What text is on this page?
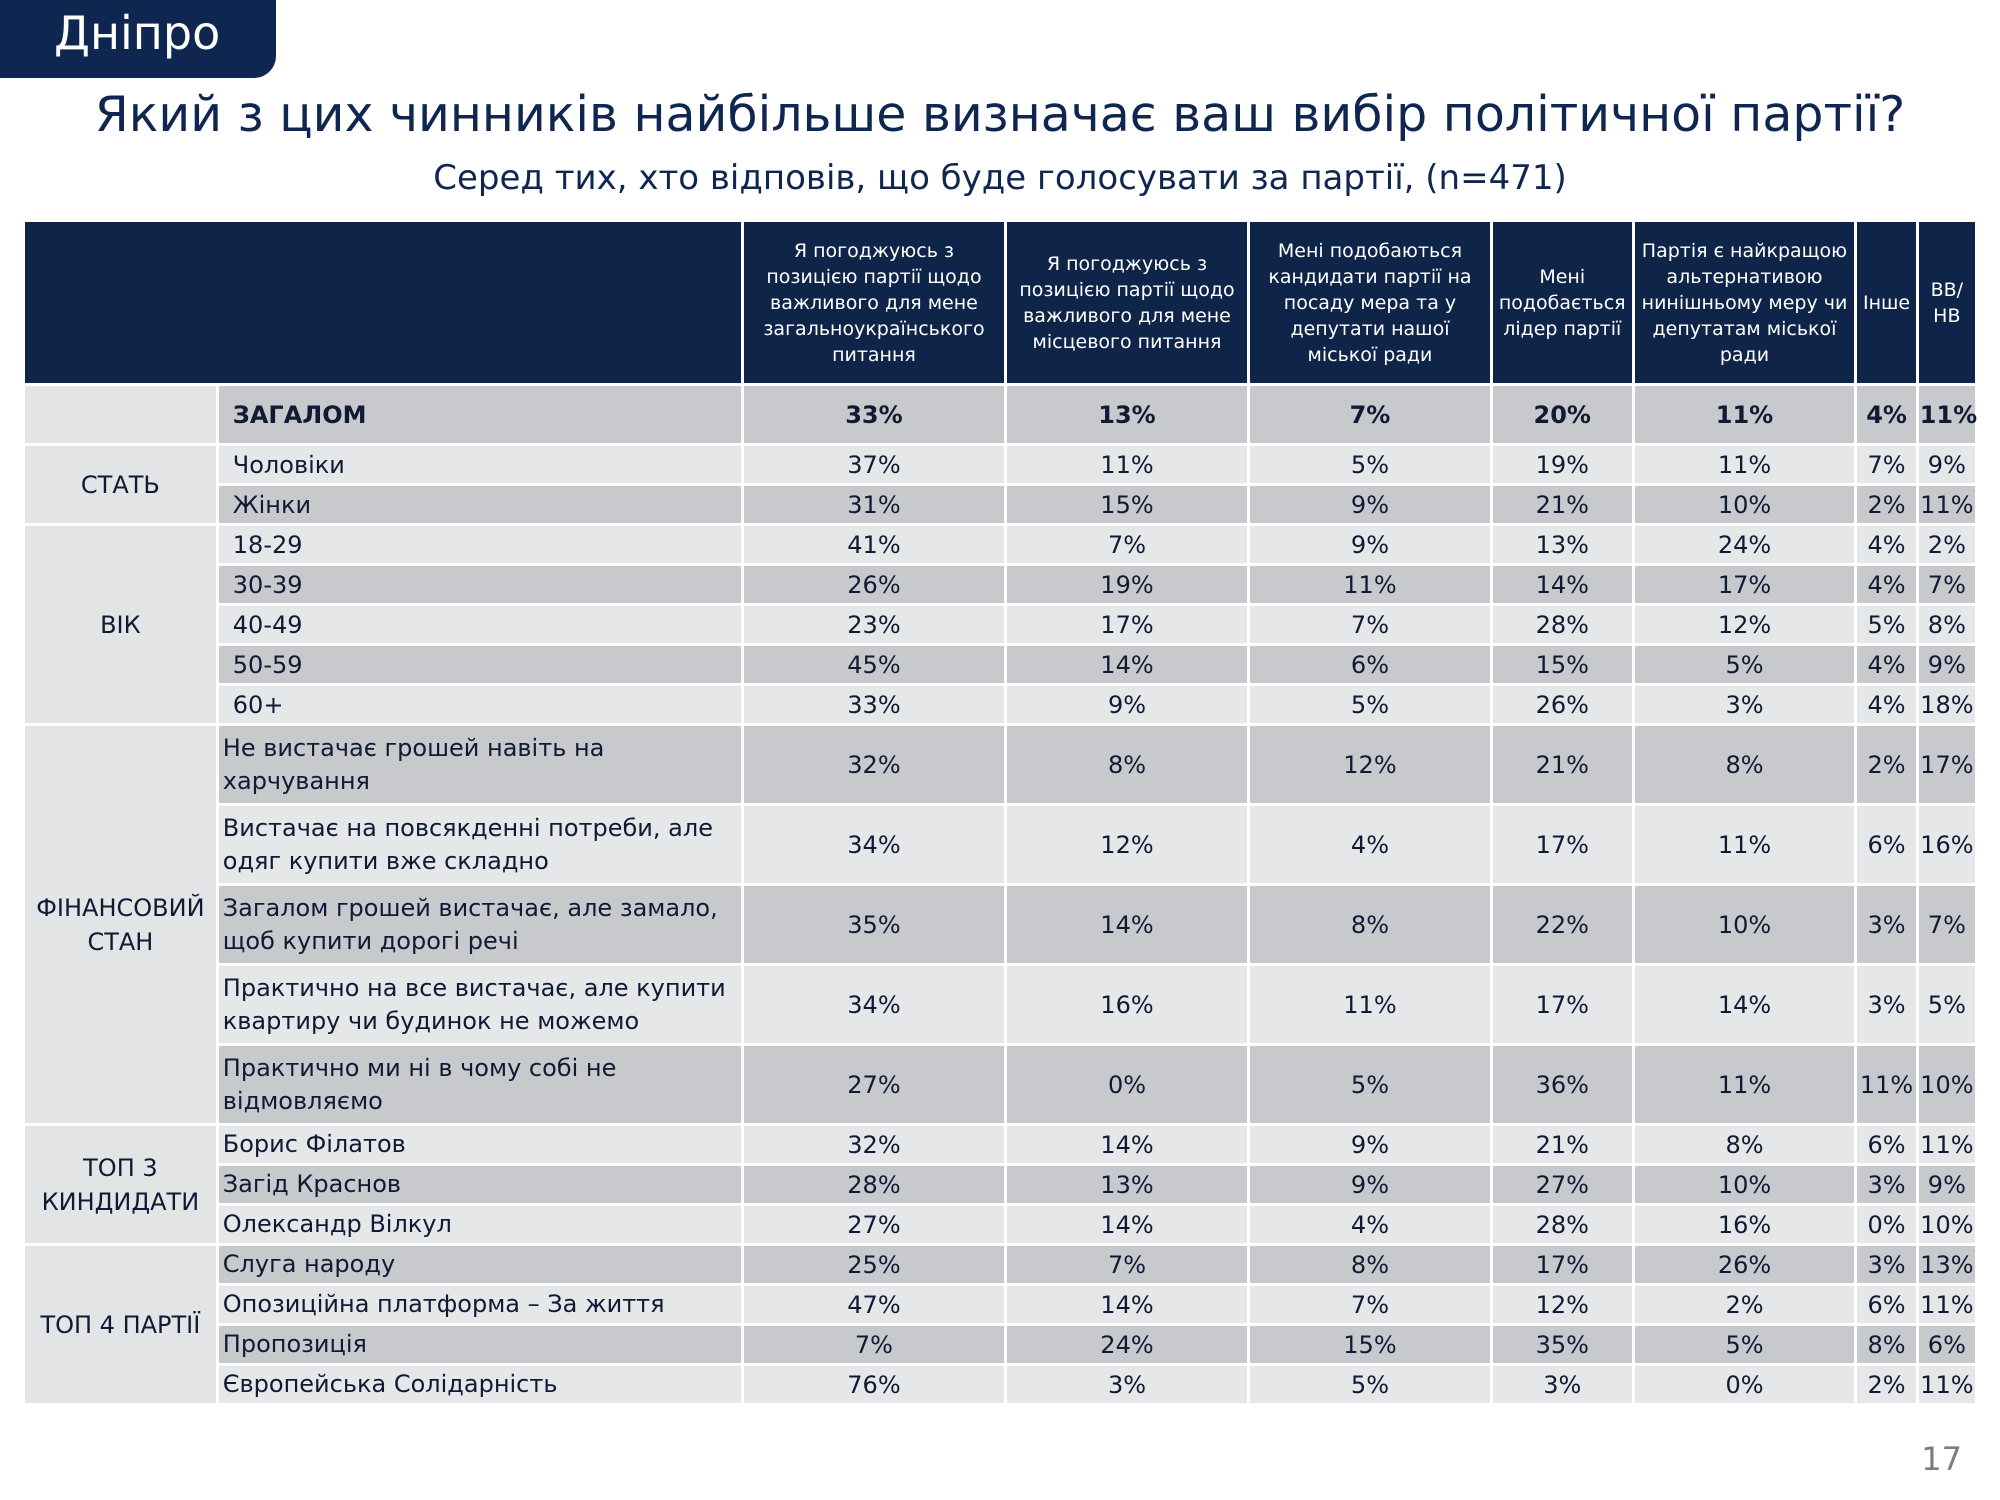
Дніпро
Який з цих чинників найбільше визначає ваш вибір політичної партії?
Серед тих, хто відповів, що буде голосувати за партії, (n=471)
		Я погоджуюсь з позицією партії щодо важливого для мене загальноукраїнського питання	Я погоджуюсь з позицією партії щодо важливого для мене місцевого питання	Мені подобаються кандидати партії на посаду мера та у депутати нашої міської ради	Мені подобається лідер партії	Партія є найкращою альтернативою нинішньому меру чи депутатам міської ради	Інше	ВВ/ НВ
	ЗАГАЛОМ	33%	13%	7%	20%	11%	4%	11%
СТАТЬ	Чоловіки	37%	11%	5%	19%	11%	7%	9%
	Жінки	31%	15%	9%	21%	10%	2%	11%
ВІК	18-29	41%	7%	9%	13%	24%	4%	2%
	30-39	26%	19%	11%	14%	17%	4%	7%
	40-49	23%	17%	7%	28%	12%	5%	8%
	50-59	45%	14%	6%	15%	5%	4%	9%
	60+	33%	9%	5%	26%	3%	4%	18%
ФІНАНСОВИЙ СТАН	Не вистачає грошей навіть на харчування	32%	8%	12%	21%	8%	2%	17%
	Вистачає на повсякденні потреби, але одяг купити вже складно	34%	12%	4%	17%	11%	6%	16%
	Загалом грошей вистачає, але замало, щоб купити дорогі речі	35%	14%	8%	22%	10%	3%	7%
	Практично на все вистачає, але купити квартиру чи будинок не можемо	34%	16%	11%	17%	14%	3%	5%
	Практично ми ні в чому собі не відмовляємо	27%	0%	5%	36%	11%	11%	10%
ТОП 3 КИНДИДАТИ	Борис Філатов	32%	14%	9%	21%	8%	6%	11%
	Загід Краснов	28%	13%	9%	27%	10%	3%	9%
	Олександр Вілкул	27%	14%	4%	28%	16%	0%	10%
ТОП 4 ПАРТІЇ	Слуга народу	25%	7%	8%	17%	26%	3%	13%
	Опозиційна платформа – За життя	47%	14%	7%	12%	2%	6%	11%
	Пропозиція	7%	24%	15%	35%	5%	8%	6%
	Європейська Солідарність	76%	3%	5%	3%	0%	2%	11%
17
